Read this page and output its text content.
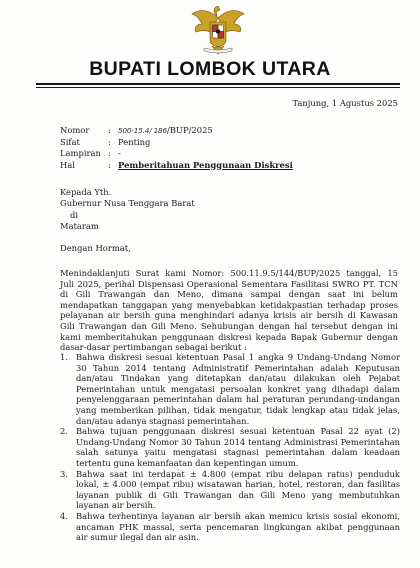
BUPATI LOMBOK UTARA
Tanjung, 1 Agustus 2025
Nomor	: 500-15.4/ 186/BUP/2025
Sifat	: Penting
Lampiran : -
Hal	: Pemberitahuan Penggunaan Diskresi
Kepada Yth.
Gubernur Nusa Tenggara Barat
di
Mataram
Dengan Hormat,
Menindaklanjuti Surat kami Nomor: 500.11.9.5/144/BUP/2025 tanggal, 15
Juli 2025, perihal Dispensasi Operasional Sementara Fasilitasi SWRO PT. TCN
di Gili Trawangan dan Meno, dimana sampai dengan saat ini belum
mendapatkan tanggapan yang menyebabkan ketidakpastian terhadap proses
pelayanan air bersih guna menghindari adanya krisis air bersih di Kawasan
Gili Trawangan dan Gili Meno. Sehubungan dengan hal tersebut dengan ini
kami memberitahukan penggunaan diskresi kepada Bapak Gubernur dengan
dasar-dasar pertimbangan sebagai berikut :
1. Bahwa diskresi sesuai ketentuan Pasal 1 angka 9 Undang-Undang Nomor
30 Tahun 2014 tentang Administratif Pemerintahan adalah Keputusan
dan/atau Tindakan yang ditetapkan dan/atau dilakukan oleh Pejabat
Pemerintahan untuk mengatasi persoalan konkret yang dihadapi dalam
penyelenggaraan pemerintahan dalam hal peraturan perundang-undangan
yang memberikan pilihan, tidak mengatur, tidak lengkap atau tidak jelas,
dan/atau adanya stagnasi pemerintahan.
2. Bahwa tujuan penggunaan diskresi sesuai ketentuan Pasal 22 ayat (2)
Undang-Undang Nomor 30 Tahun 2014 tentang Administrasi Pemerintahan
salah satunya yaitu mengatasi stagnasi pemerintahan dalam keadaan
tertentu guna kemanfaatan dan kepentingan umum.
3. Bahwa saat ini terdapat ± 4.800 (empat ribu delapan ratus) penduduk
lokal, ± 4.000 (empat ribu) wisatawan harian, hotel, restoran, dan fasilitas
layanan publik di Gili Trawangan dan Gili Meno yang membutuhkan
layanan air bersih.
4. Bahwa terhentinya layanan air bersih akan memicu krisis sosial ekonomi,
ancaman PHK massal, serta pencemaran lingkungan akibat penggunaan
air sumur ilegal dan air asin.
